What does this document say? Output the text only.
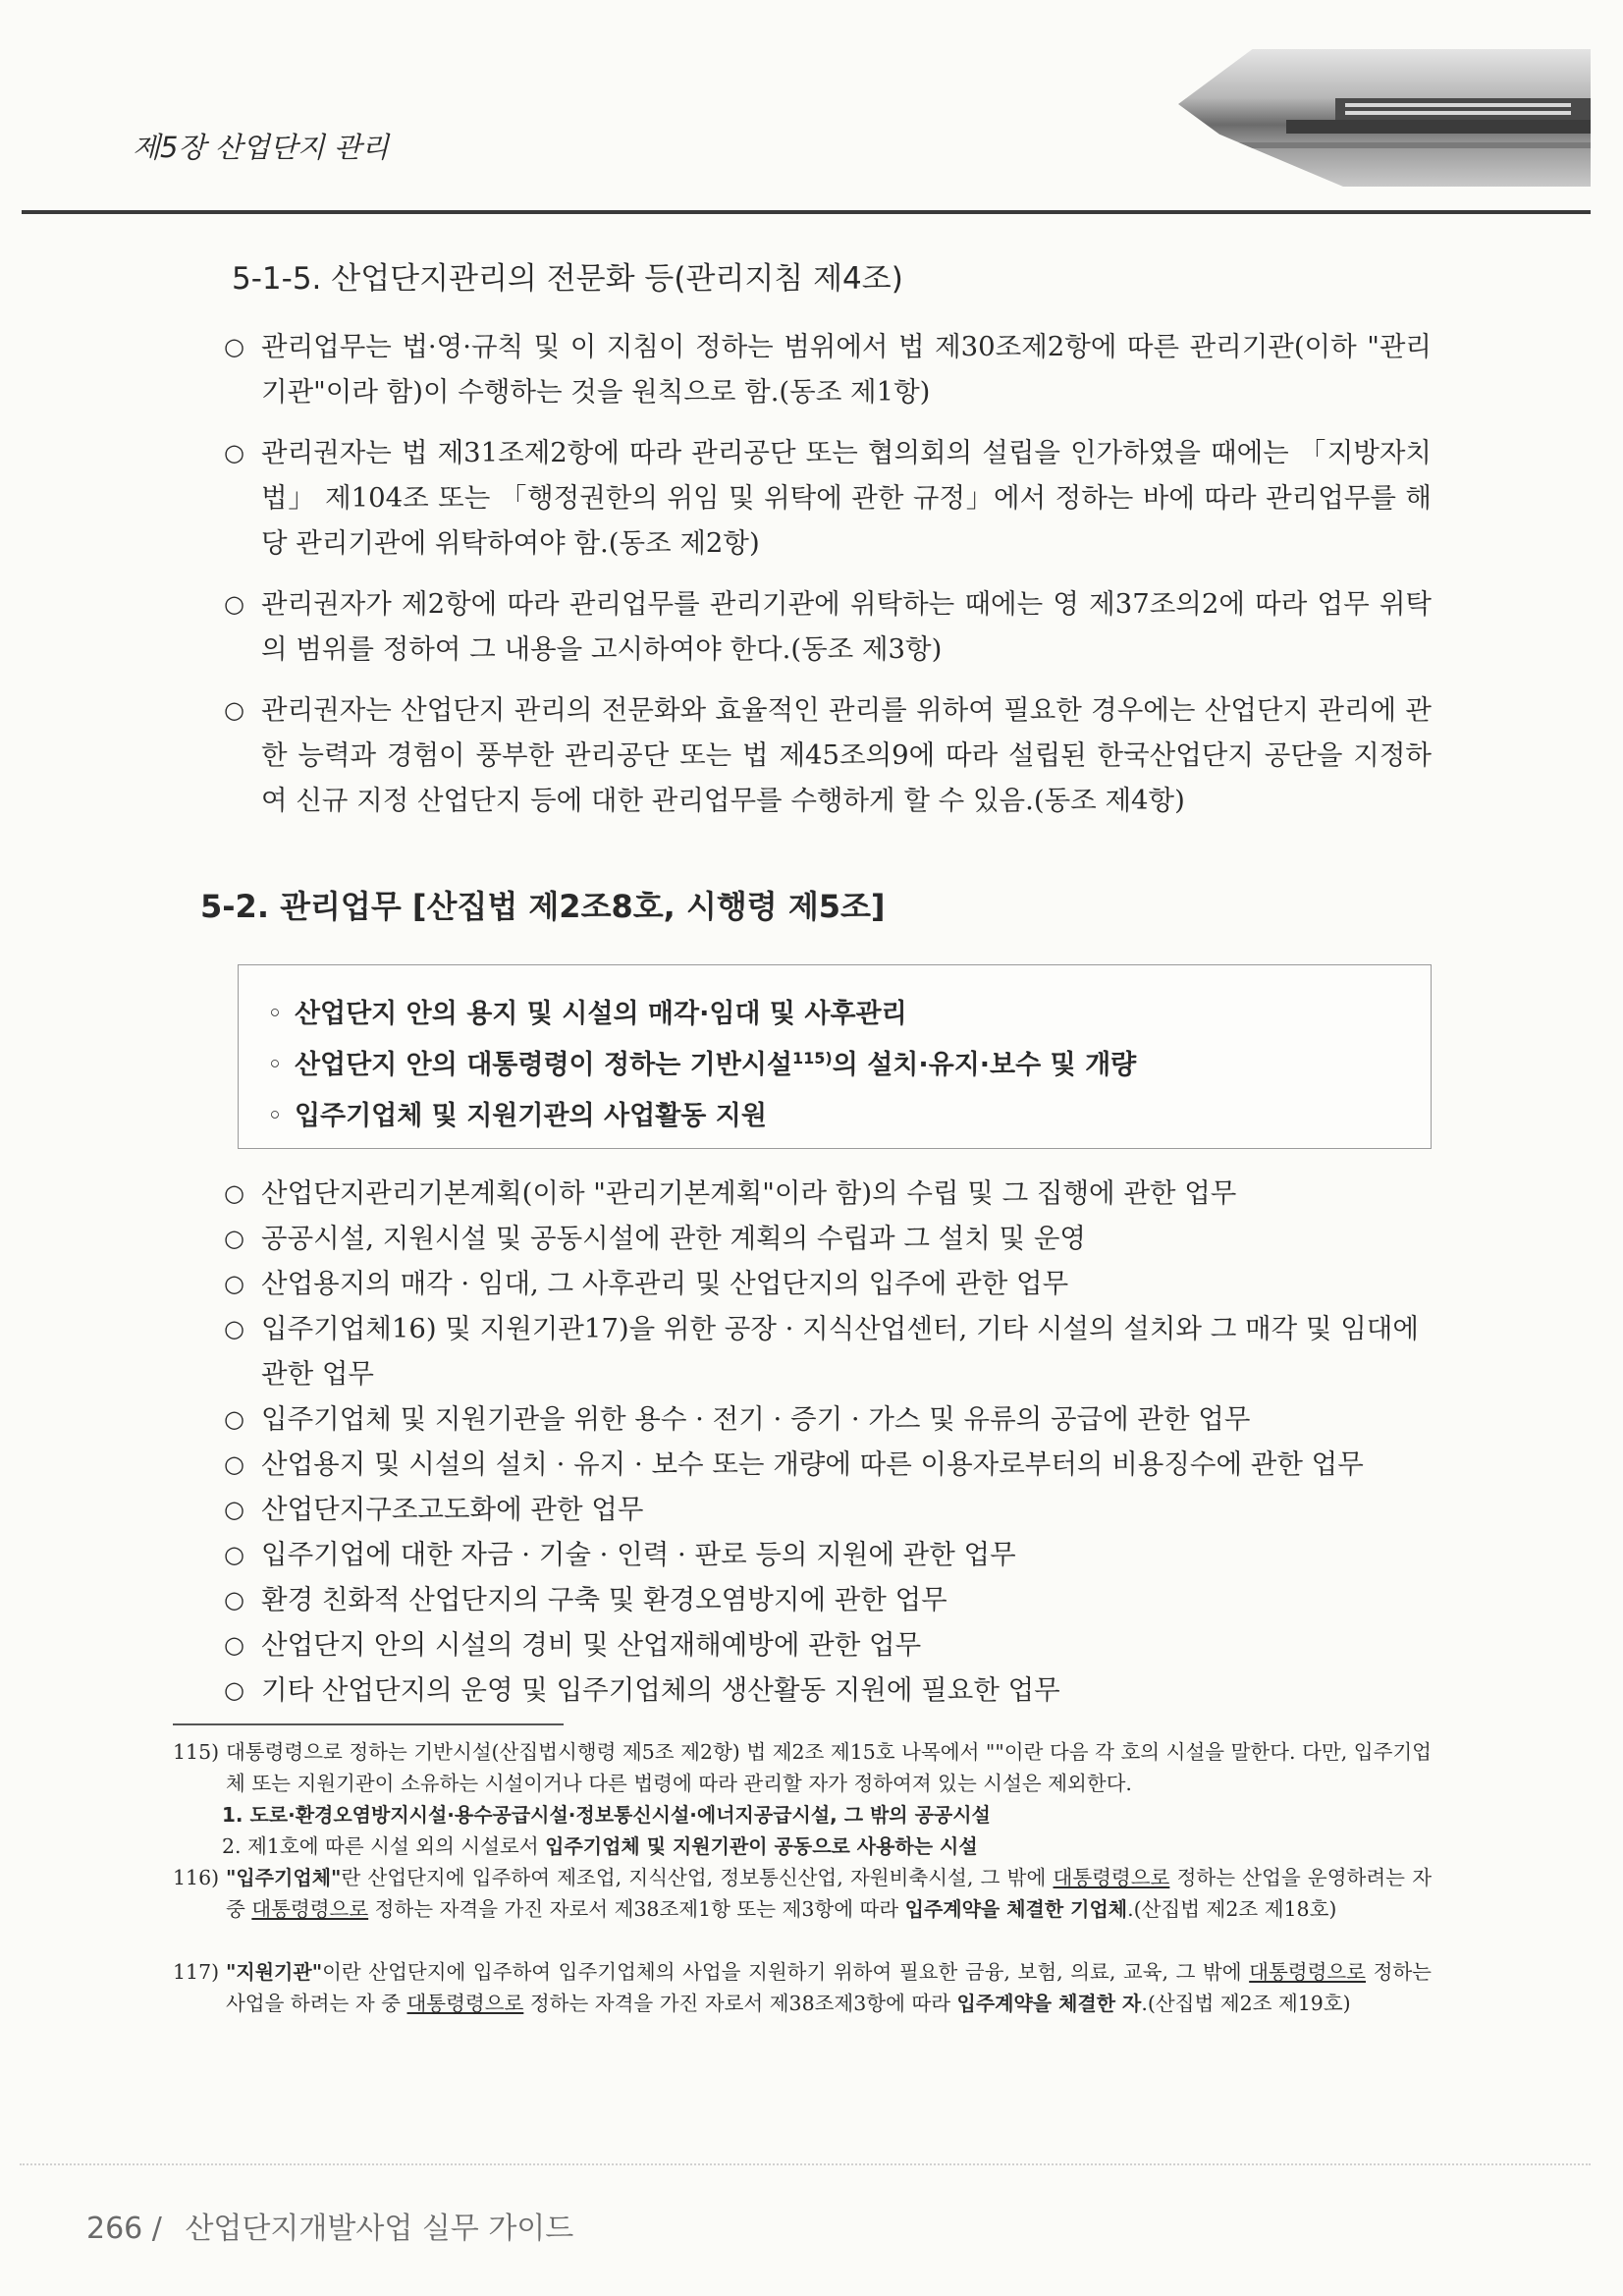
제5장 산업단지 관리
5-1-5. 산업단지관리의 전문화 등(관리지침 제4조)
○ 관리업무는 법·영·규칙 및 이 지침이 정하는 범위에서 법 제30조제2항에 따른 관리기관(이하 "관리기관"이라 함)이 수행하는 것을 원칙으로 함.(동조 제1항)
○ 관리권자는 법 제31조제2항에 따라 관리공단 또는 협의회의 설립을 인가하였을 때에는 「지방자치법」 제104조 또는 「행정권한의 위임 및 위탁에 관한 규정」에서 정하는 바에 따라 관리업무를 해당 관리기관에 위탁하여야 함.(동조 제2항)
○ 관리권자가 제2항에 따라 관리업무를 관리기관에 위탁하는 때에는 영 제37조의2에 따라 업무 위탁의 범위를 정하여 그 내용을 고시하여야 한다.(동조 제3항)
○ 관리권자는 산업단지 관리의 전문화와 효율적인 관리를 위하여 필요한 경우에는 산업단지 관리에 관한 능력과 경험이 풍부한 관리공단 또는 법 제45조의9에 따라 설립된 한국산업단지 공단을 지정하여 신규 지정 산업단지 등에 대한 관리업무를 수행하게 할 수 있음.(동조 제4항)
5-2. 관리업무 [산집법 제2조8호, 시행령 제5조]
◦ 산업단지 안의 용지 및 시설의 매각·임대 및 사후관리
◦ 산업단지 안의 대통령령이 정하는 기반시설$^{115)}$의 설치·유지·보수 및 개량
◦ 입주기업체 및 지원기관의 사업활동 지원
○ 산업단지관리기본계획(이하 "관리기본계획"이라 함)의 수립 및 그 집행에 관한 업무
○ 공공시설, 지원시설 및 공동시설에 관한 계획의 수립과 그 설치 및 운영
○ 산업용지의 매각 · 임대, 그 사후관리 및 산업단지의 입주에 관한 업무
○ 입주기업체16) 및 지원기관17)을 위한 공장 · 지식산업센터, 기타 시설의 설치와 그 매각 및 임대에 관한 업무
○ 입주기업체 및 지원기관을 위한 용수 · 전기 · 증기 · 가스 및 유류의 공급에 관한 업무
○ 산업용지 및 시설의 설치 · 유지 · 보수 또는 개량에 따른 이용자로부터의 비용징수에 관한 업무
○ 산업단지구조고도화에 관한 업무
○ 입주기업에 대한 자금 · 기술 · 인력 · 판로 등의 지원에 관한 업무
○ 환경 친화적 산업단지의 구축 및 환경오염방지에 관한 업무
○ 산업단지 안의 시설의 경비 및 산업재해예방에 관한 업무
○ 기타 산업단지의 운영 및 입주기업체의 생산활동 지원에 필요한 업무
115) 대통령령으로 정하는 기반시설(산집법시행령 제5조 제2항) 법 제2조 제15호 나목에서 ""이란 다음 각 호의 시설을 말한다. 다만, 입주기업체 또는 지원기관이 소유하는 시설이거나 다른 법령에 따라 관리할 자가 정하여져 있는 시설은 제외한다.
1. 도로·환경오염방지시설·용수공급시설·정보통신시설·에너지공급시설, 그 밖의 공공시설
2. 제1호에 따른 시설 외의 시설로서 입주기업체 및 지원기관이 공동으로 사용하는 시설
116) "입주기업체"란 산업단지에 입주하여 제조업, 지식산업, 정보통신산업, 자원비축시설, 그 밖에 대통령령으로 정하는 산업을 운영하려는 자 중 대통령령으로 정하는 자격을 가진 자로서 제38조제1항 또는 제3항에 따라 입주계약을 체결한 기업체.(산집법 제2조 제18호)
117) "지원기관"이란 산업단지에 입주하여 입주기업체의 사업을 지원하기 위하여 필요한 금융, 보험, 의료, 교육, 그 밖에 대통령령으로 정하는 사업을 하려는 자 중 대통령령으로 정하는 자격을 가진 자로서 제38조제3항에 따라 입주계약을 체결한 자.(산집법 제2조 제19호)
266 / 산업단지개발사업 실무 가이드
